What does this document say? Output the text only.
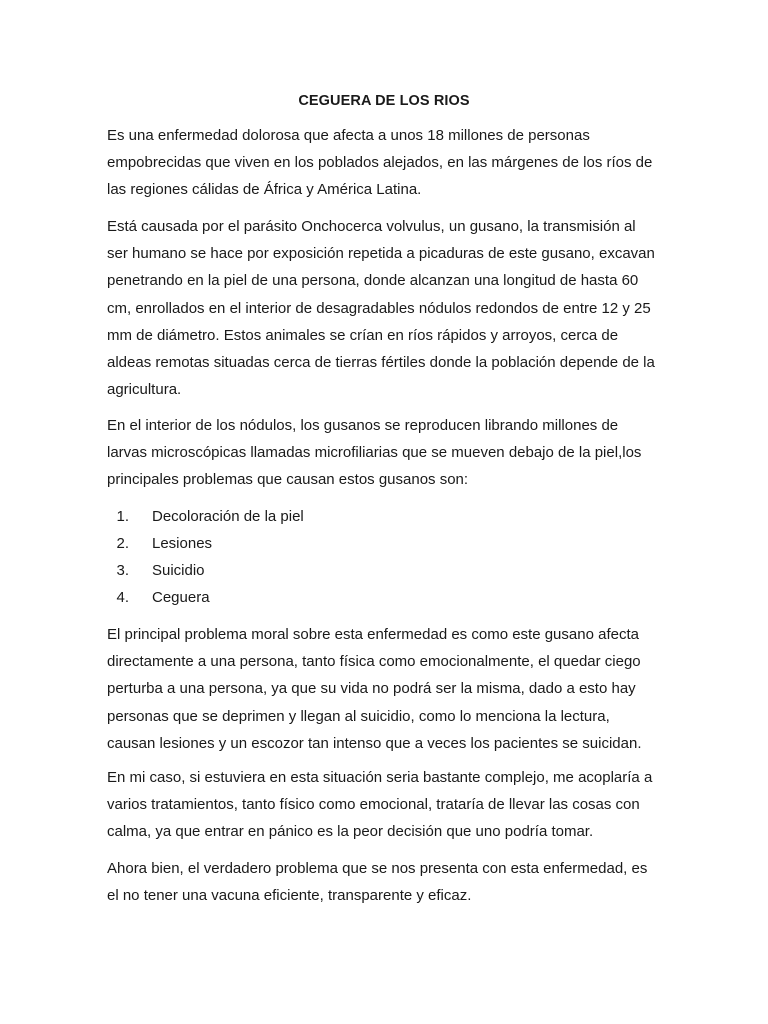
CEGUERA DE LOS RIOS
Es una enfermedad dolorosa que afecta a unos 18 millones de personas
empobrecidas que viven en los poblados alejados, en las márgenes de los ríos de
las regiones cálidas de África y América Latina.
Está causada por el parásito Onchocerca volvulus, un gusano, la transmisión al
ser humano se hace por exposición repetida a picaduras de este gusano, excavan
penetrando en la piel de una persona, donde alcanzan una longitud de hasta 60
cm, enrollados en el interior de desagradables nódulos redondos de entre 12 y 25
mm de diámetro. Estos animales se crían en ríos rápidos y arroyos, cerca de
aldeas remotas situadas cerca de tierras fértiles donde la población depende de la
agricultura.
En el interior de los nódulos, los gusanos se reproducen librando millones de
larvas microscópicas llamadas microfiliarias que se mueven debajo de la piel,los
principales problemas que causan estos gusanos son:
1. Decoloración de la piel
2. Lesiones
3. Suicidio
4. Ceguera
El principal problema moral sobre esta enfermedad es como este gusano afecta
directamente a una persona, tanto física como emocionalmente, el quedar ciego
perturba a una persona, ya que su vida no podrá ser la misma, dado a esto hay
personas que se deprimen y llegan al suicidio, como lo menciona la lectura,
causan lesiones y un escozor tan intenso que a veces los pacientes se suicidan.
En mi caso, si estuviera en esta situación seria bastante complejo, me acoplaría a
varios tratamientos, tanto físico como emocional, trataría de llevar las cosas con
calma, ya que entrar en pánico es la peor decisión que uno podría tomar.
Ahora bien, el verdadero problema que se nos presenta con esta enfermedad, es
el no tener una vacuna eficiente, transparente y eficaz.
